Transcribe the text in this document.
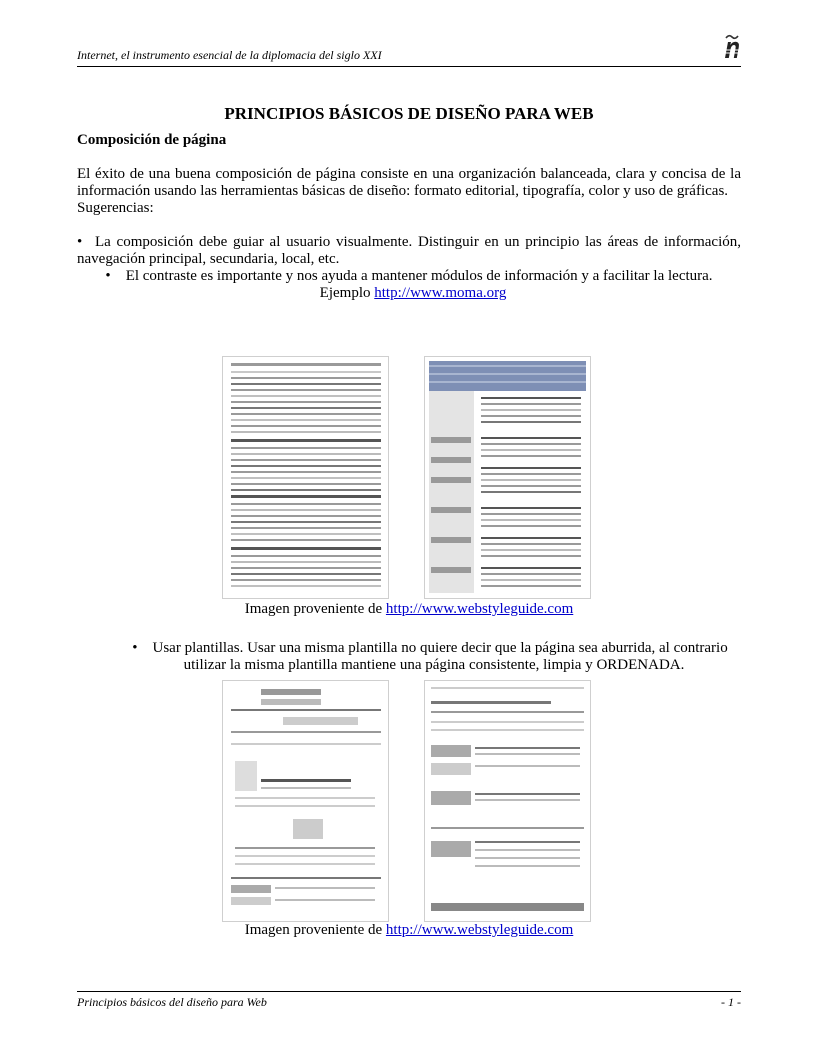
Internet, el instrumento esencial de la diplomacia del siglo XXI
PRINCIPIOS BÁSICOS DE DISEÑO PARA WEB
Composición de página

El éxito de una buena composición de página consiste en una organización balanceada, clara y concisa de la información usando las herramientas básicas de diseño: formato editorial, tipografía, color y uso de gráficas.

Sugerencias:

• La composición debe guiar al usuario visualmente. Distinguir en un principio las áreas de información, navegación principal, secundaria, local, etc.

•    El contraste es importante y nos ayuda a mantener módulos de información y a facilitar la lectura.
Ejemplo http://www.moma.org

Imagen proveniente de http://www.webstyleguide.com

•    Usar plantillas. Usar una misma plantilla no quiere decir que la página sea aburrida, al contrario utilizar la misma plantilla mantiene una página consistente, limpia y ORDENADA.

Imagen proveniente de http://www.webstyleguide.com
Principios básicos del diseño para Web	- 1 -
